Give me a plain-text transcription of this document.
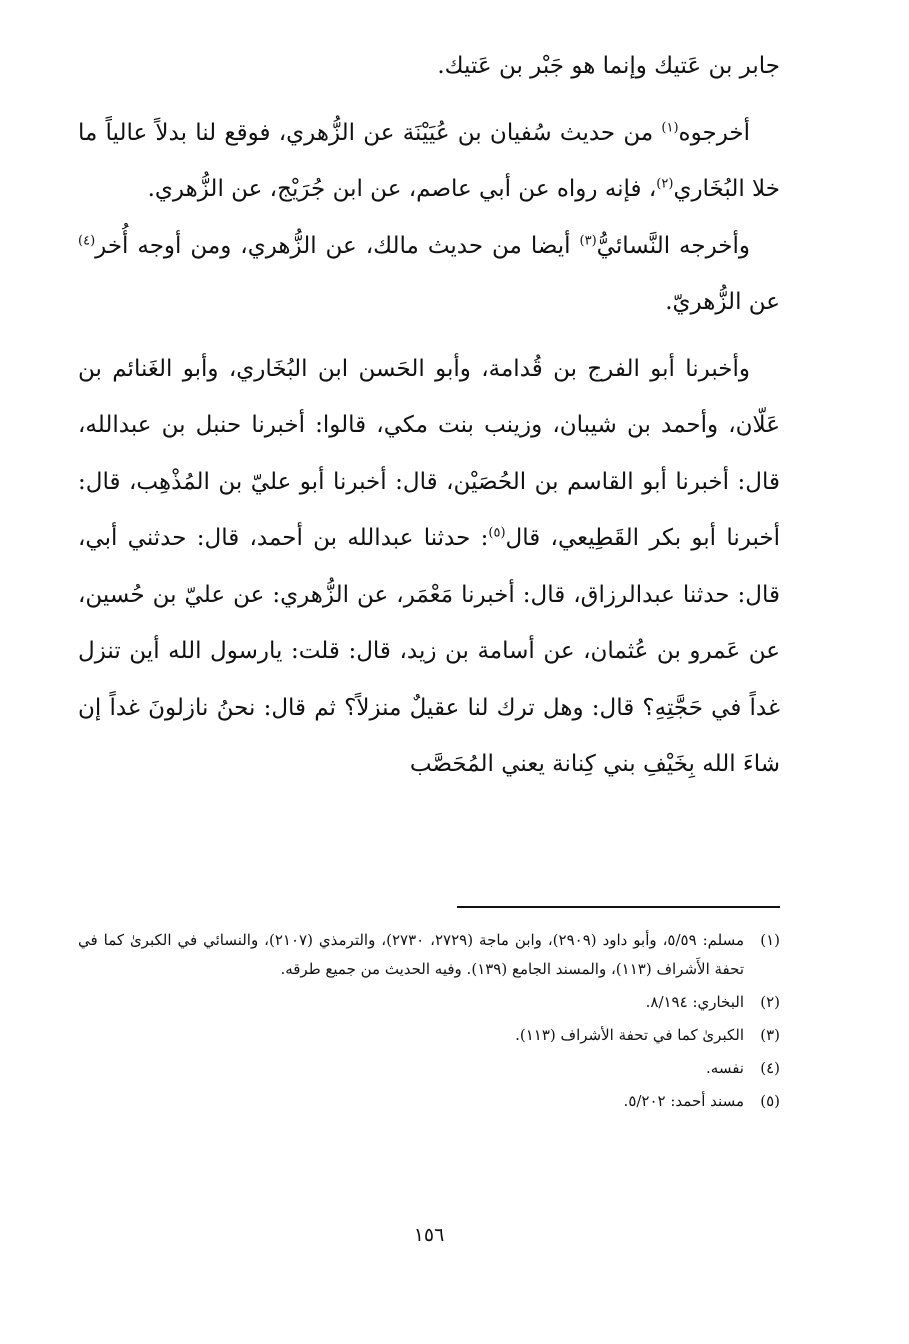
جابر بن عَتيك وإنما هو جَبْر بن عَتيك.

أخرجوه$^{(١)}$ من حديث سُفيان بن عُيَيْنَة عن الزُّهري، فوقع لنا بدلاً عالياً ما خلا البُخَاري$^{(٢)}$، فإنه رواه عن أبي عاصم، عن ابن جُرَيْج، عن الزُّهري.

وأخرجه النَّسائيُّ$^{(٣)}$ أيضا من حديث مالك، عن الزُّهري، ومن أوجه أُخر$^{(٤)}$ عن الزُّهريّ.

وأخبرنا أبو الفرج بن قُدامة، وأبو الحَسن ابن البُخَاري، وأبو الغَنائم بن عَلّان، وأحمد بن شيبان، وزينب بنت مكي، قالوا: أخبرنا حنبل بن عبدالله، قال: أخبرنا أبو القاسم بن الحُصَيْن، قال: أخبرنا أبو عليّ بن المُذْهِب، قال: أخبرنا أبو بكر القَطِيعي، قال$^{(٥)}$: حدثنا عبدالله بن أحمد، قال: حدثني أبي، قال: حدثنا عبدالرزاق، قال: أخبرنا مَعْمَر، عن الزُّهري: عن عليّ بن حُسين، عن عَمرو بن عُثمان، عن أسامة بن زيد، قال: قلت: يارسول الله أين تنزل غداً في حَجَّتِهِ؟ قال: وهل ترك لنا عقيلٌ منزلاً؟ ثم قال: نحنُ نازلونَ غداً إن شاءَ الله بِخَيْفِ بني كِنانة يعني المُحَصَّب

(١)
مسلم: ٥/٥٩، وأبو داود (٢٩٠٩)، وابن ماجة (٢٧٢٩، ٢٧٣٠)، والترمذي (٢١٠٧)، والنسائي في الكبرىٰ كما في تحفة الأَشراف (١١٣)، والمسند الجامع (١٣٩). وفيه الحديث من جميع طرقه.
(٢)
البخاري: ٨/١٩٤.
(٣)
الكبرىٰ كما في تحفة الأشراف (١١٣).
(٤)
نفسه.
(٥)
مسند أحمد: ٥/٢٠٢.
١٥٦
